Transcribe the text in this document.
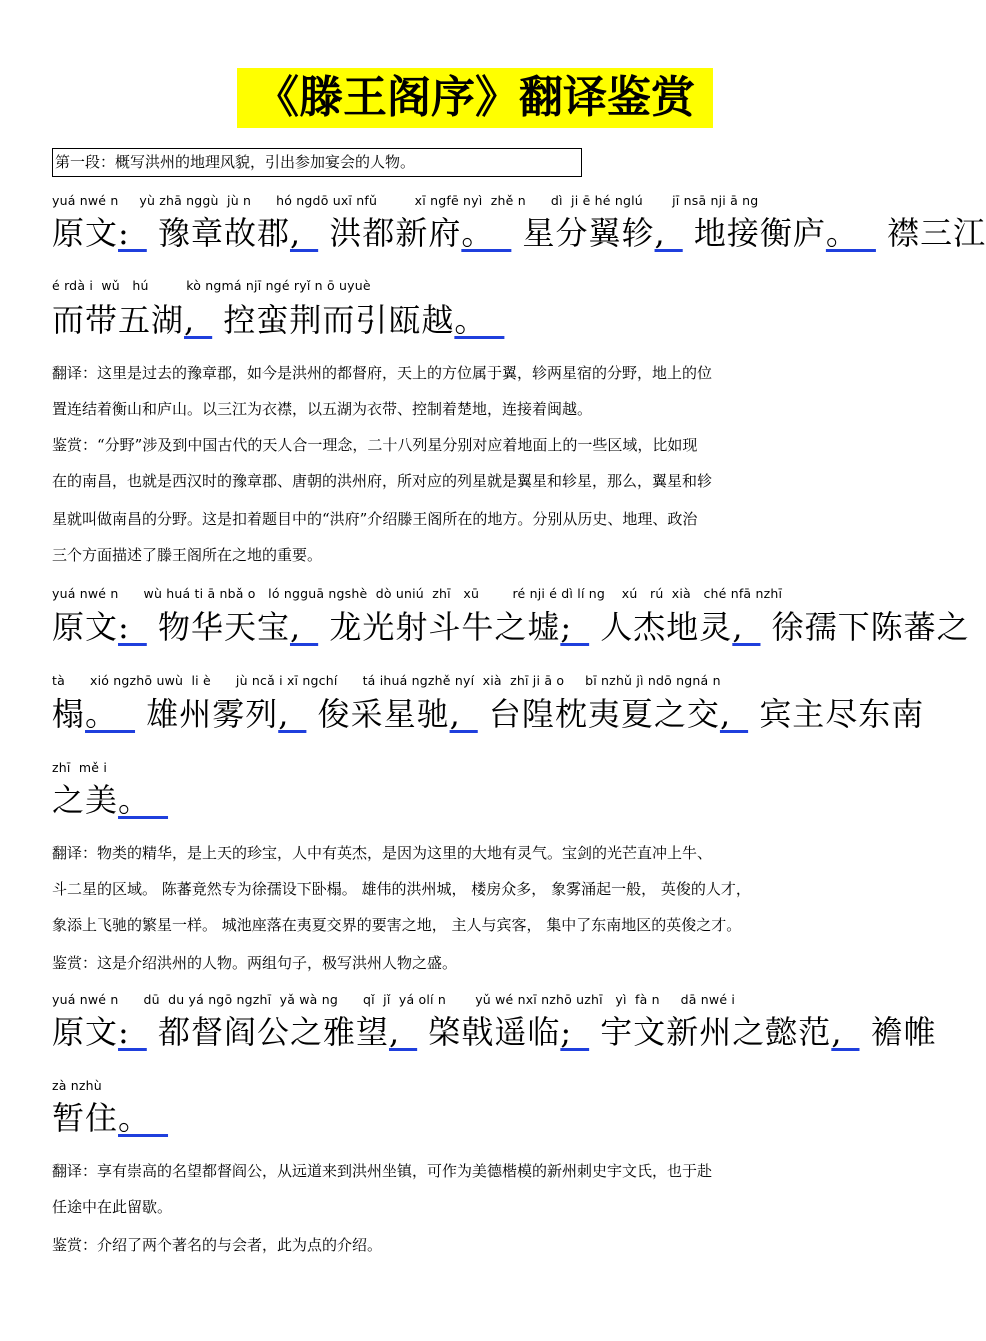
《滕王阁序》翻译鉴赏
第一段：概写洪州的地理风貌，引出参加宴会的人物。
yuá nwé n     yù zhā nggù  jù n      hó ngdō uxī nfǔ         xī ngfē nyì  zhě n      dì  ji ē hé nglú       jī nsā nji ā ng
原文:  豫章故郡,  洪都新府。  星分翼轸,  地接衡庐。  襟三江
é rdà i  wǔ   hú         kò ngmá njī ngé ryǐ n ō uyuè
而带五湖,  控蛮荆而引瓯越。 
翻译：这里是过去的豫章郡，如今是洪州的都督府，天上的方位属于翼，轸两星宿的分野，地上的位
置连结着衡山和庐山。以三江为衣襟，以五湖为衣带、控制着楚地，连接着闽越。
鉴赏：“分野”涉及到中国古代的天人合一理念，二十八列星分别对应着地面上的一些区域，比如现
在的南昌，也就是西汉时的豫章郡、唐朝的洪州府，所对应的列星就是翼星和轸星，那么，翼星和轸
星就叫做南昌的分野。这是扣着题目中的“洪府”介绍滕王阁所在的地方。分别从历史、地理、政治
三个方面描述了滕王阁所在之地的重要。
yuá nwé n      wù huá ti ā nbǎ o   ló ngguā ngshè  dò uniú  zhī   xū        ré nji é dì lí ng    xú   rú  xià   ché nfā nzhī
原文:  物华天宝,  龙光射斗牛之墟;  人杰地灵,  徐孺下陈蕃之
tà      xió ngzhō uwù  li è      jù ncǎ i xī ngchí      tá ihuá ngzhě nyí  xià  zhī ji ā o     bī nzhǔ jì ndō ngná n
榻。  雄州雾列,  俊采星驰,  台隍枕夷夏之交,  宾主尽东南
zhī  mě i
之美。 
翻译：物类的精华，是上天的珍宝，人中有英杰，是因为这里的大地有灵气。宝剑的光芒直冲上牛、
斗二星的区域。 陈蕃竟然专为徐孺设下卧榻。 雄伟的洪州城， 楼房众多， 象雾涌起一般， 英俊的人才，
象添上飞驰的繁星一样。 城池座落在夷夏交界的要害之地， 主人与宾客， 集中了东南地区的英俊之才。
鉴赏：这是介绍洪州的人物。两组句子，极写洪州人物之盛。
yuá nwé n      dū  du yá ngō ngzhī  yǎ wà ng      qǐ  jǐ  yá olí n       yǔ wé nxī nzhō uzhī   yì  fà n     dā nwé i
原文:  都督阎公之雅望,  棨戟遥临;  宇文新州之懿范,  襜帷
zà nzhù
暂住。 
翻译：享有崇高的名望都督阎公，从远道来到洪州坐镇，可作为美德楷模的新州刺史宇文氏，也于赴
任途中在此留歇。
鉴赏：介绍了两个著名的与会者，此为点的介绍。
